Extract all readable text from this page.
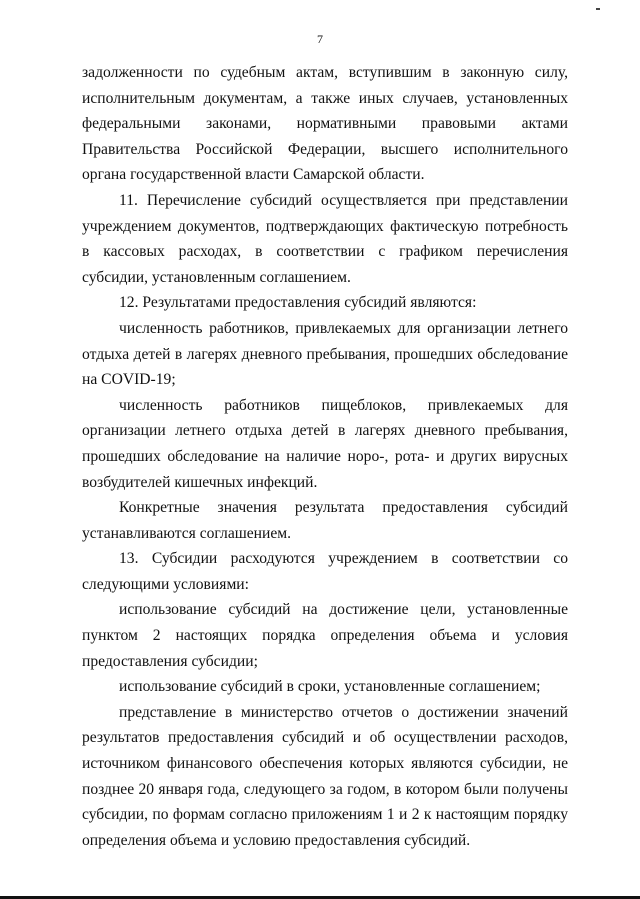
7

задолженности по судебным актам, вступившим в законную силу, исполнительным документам, а также иных случаев, установленных федеральными законами, нормативными правовыми актами Правительства Российской Федерации, высшего исполнительного органа государственной власти Самарской области.

11. Перечисление субсидий осуществляется при представлении учреждением документов, подтверждающих фактическую потребность в кассовых расходах, в соответствии с графиком перечисления субсидии, установленным соглашением.

12. Результатами предоставления субсидий являются:

численность работников, привлекаемых для организации летнего отдыха детей в лагерях дневного пребывания, прошедших обследование на COVID-19;

численность работников пищеблоков, привлекаемых для организации летнего отдыха детей в лагерях дневного пребывания, прошедших обследование на наличие норо-, рота- и других вирусных возбудителей кишечных инфекций.

Конкретные значения результата предоставления субсидий устанавливаются соглашением.

13. Субсидии расходуются учреждением в соответствии со следующими условиями:

использование субсидий на достижение цели, установленные пунктом 2 настоящих порядка определения объема и условия предоставления субсидии;

использование субсидий в сроки, установленные соглашением;

представление в министерство отчетов о достижении значений результатов предоставления субсидий и об осуществлении расходов, источником финансового обеспечения которых являются субсидии, не позднее 20 января года, следующего за годом, в котором были получены субсидии, по формам согласно приложениям 1 и 2 к настоящим порядку определения объема и условию предоставления субсидий.
